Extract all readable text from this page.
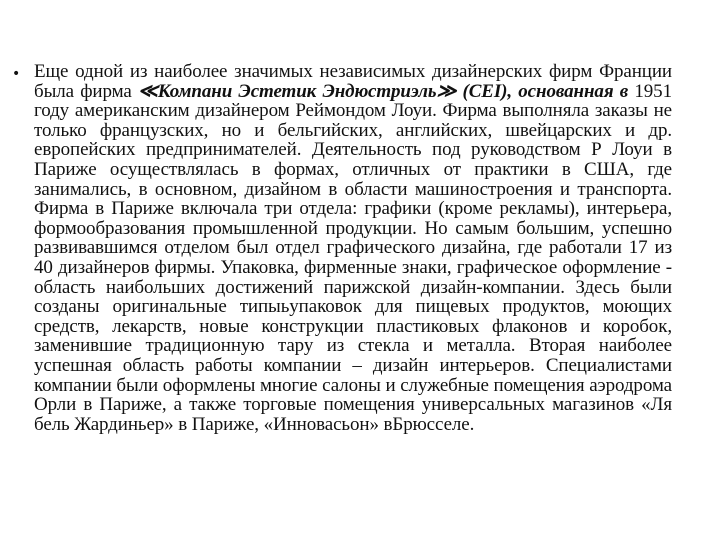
• Еще одной из наиболее значимых независимых дизайнерских фирм Франции была фирма ≪Компани Эстетик Эндюстриэль≫ (CEI), основанная в 1951 году американским дизайнером Реймондом Лоуи. Фирма выполняла заказы не только французских, но и бельгийских, английских, швейцарских и др. европейских предпринимателей. Деятельность под руководством Р Лоуи в Париже осуществлялась в формах, отличных от практики в США, где занимались, в основном, дизайном в области машиностроения и транспорта. Фирма в Париже включала три отдела: графики (кроме рекламы), интерьера, формообразования промышленной продукции. Но самым большим, успешно развивавшимся отделом был отдел графического дизайна, где работали 17 из 40 дизайнеров фирмы. Упаковка, фирменные знаки, графическое оформление - область наибольших достижений парижской дизайн-компании. Здесь были созданы оригинальные типыьупаковок для пищевых продуктов, моющих средств, лекарств, новые конструкции пластиковых флаконов и коробок, заменившие традиционную тару из стекла и металла. Вторая наиболее успешная область работы компании – дизайн интерьеров. Специалистами компании были оформлены многие салоны и служебные помещения аэродрома Орли в Париже, а также торговые помещения универсальных магазинов «Ля бель Жардиньер» в Париже, «Инноваcьон» вБрюсселе.
